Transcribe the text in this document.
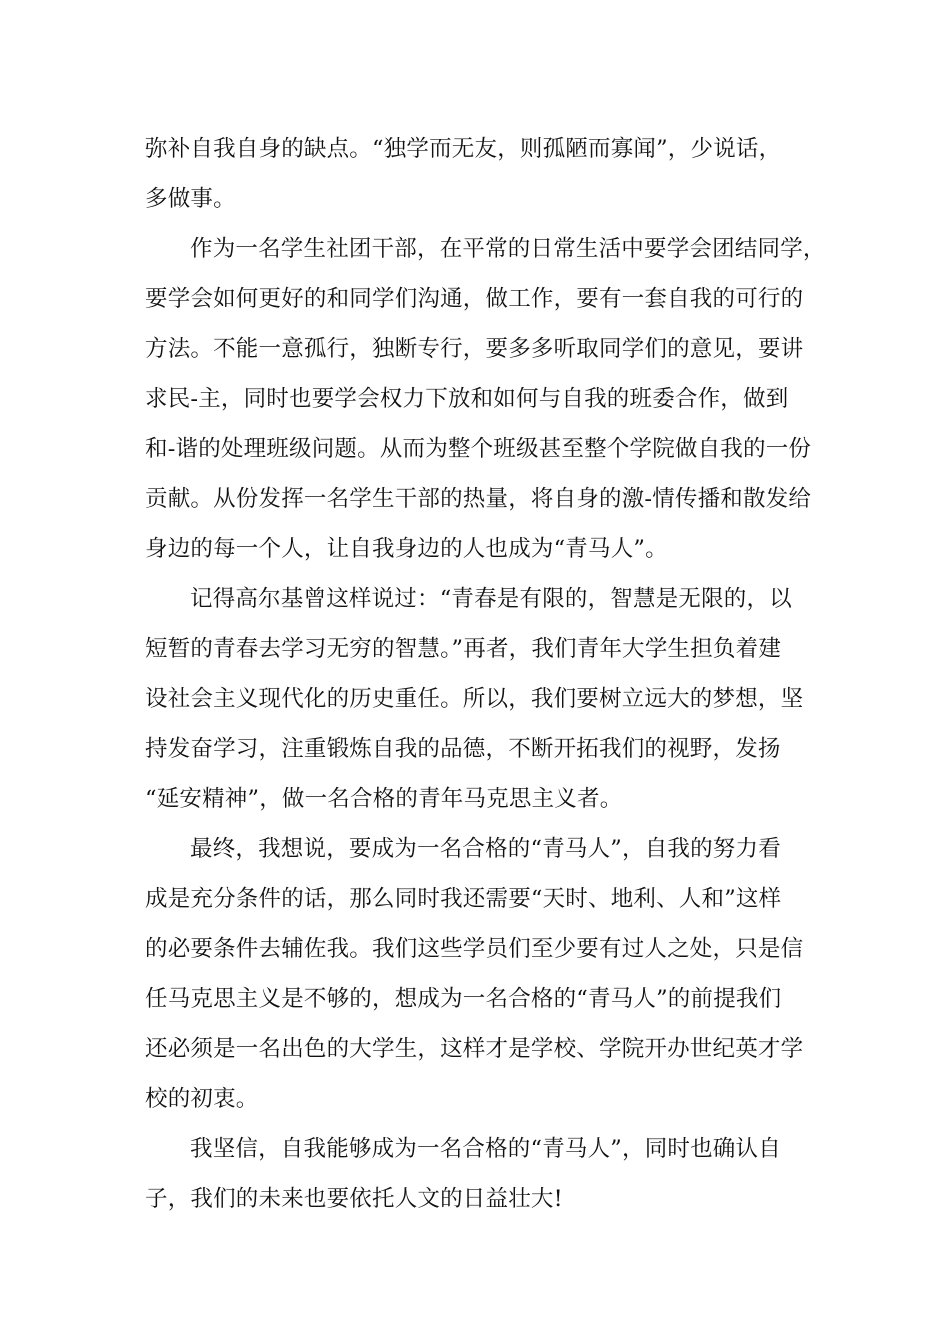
弥补自我自身的缺点。“独学而无友，则孤陋而寡闻”，少说话，
多做事。
作为一名学生社团干部，在平常的日常生活中要学会团结同学，
要学会如何更好的和同学们沟通，做工作，要有一套自我的可行的
方法。不能一意孤行，独断专行，要多多听取同学们的意见，要讲
求民-主，同时也要学会权力下放和如何与自我的班委合作，做到
和-谐的处理班级问题。从而为整个班级甚至整个学院做自我的一份
贡献。从份发挥一名学生干部的热量，将自身的激-情传播和散发给
身边的每一个人，让自我身边的人也成为“青马人”。
记得高尔基曾这样说过：“青春是有限的，智慧是无限的，以
短暂的青春去学习无穷的智慧。”再者，我们青年大学生担负着建
设社会主义现代化的历史重任。所以，我们要树立远大的梦想，坚
持发奋学习，注重锻炼自我的品德，不断开拓我们的视野，发扬
“延安精神”，做一名合格的青年马克思主义者。
最终，我想说，要成为一名合格的“青马人”，自我的努力看
成是充分条件的话，那么同时我还需要“天时、地利、人和”这样
的必要条件去辅佐我。我们这些学员们至少要有过人之处，只是信
任马克思主义是不够的，想成为一名合格的“青马人”的前提我们
还必须是一名出色的大学生，这样才是学校、学院开办世纪英才学
校的初衷。
我坚信，自我能够成为一名合格的“青马人”，同时也确认自
子，我们的未来也要依托人文的日益壮大!
